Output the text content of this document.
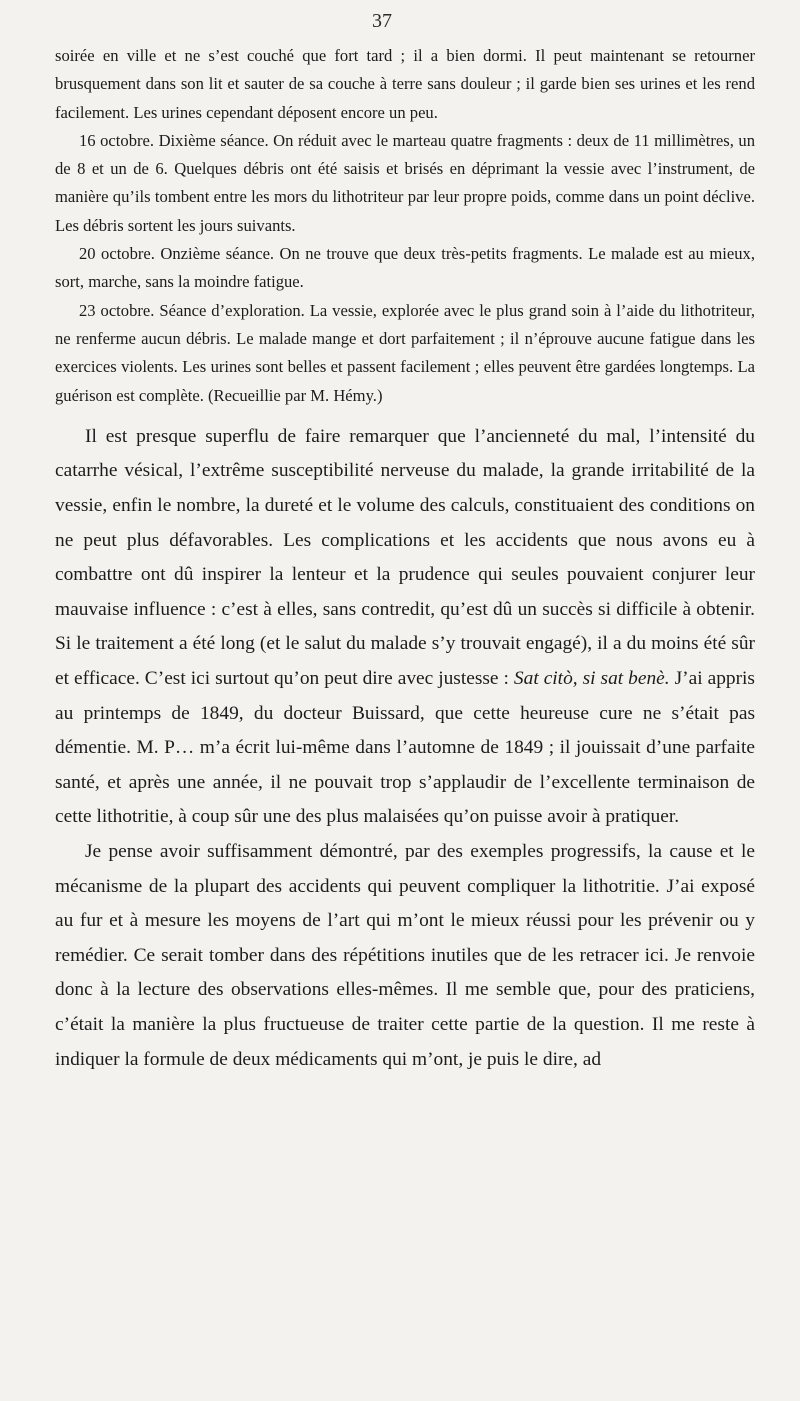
37

soirée en ville et ne s’est couché que fort tard ; il a bien dormi. Il peut maintenant se retourner brusquement dans son lit et sauter de sa couche à terre sans douleur ; il garde bien ses urines et les rend facilement. Les urines cependant déposent encore un peu.

16 octobre. Dixième séance. On réduit avec le marteau quatre fragments : deux de 11 millimètres, un de 8 et un de 6. Quelques débris ont été saisis et brisés en déprimant la vessie avec l’instrument, de manière qu’ils tombent entre les mors du lithotriteur par leur propre poids, comme dans un point déclive. Les débris sortent les jours suivants.

20 octobre. Onzième séance. On ne trouve que deux très-petits fragments. Le malade est au mieux, sort, marche, sans la moindre fatigue.

23 octobre. Séance d’exploration. La vessie, explorée avec le plus grand soin à l’aide du lithotriteur, ne renferme aucun débris. Le malade mange et dort parfaitement ; il n’éprouve aucune fatigue dans les exercices violents. Les urines sont belles et passent facilement ; elles peuvent être gardées longtemps. La guérison est complète. (Recueillie par M. Hémy.)

Il est presque superflu de faire remarquer que l’ancienneté du mal, l’intensité du catarrhe vésical, l’extrême susceptibilité nerveuse du malade, la grande irritabilité de la vessie, enfin le nombre, la dureté et le volume des calculs, constituaient des conditions on ne peut plus défavorables. Les complications et les accidents que nous avons eu à combattre ont dû inspirer la lenteur et la prudence qui seules pouvaient conjurer leur mauvaise influence : c’est à elles, sans contredit, qu’est dû un succès si difficile à obtenir. Si le traitement a été long (et le salut du malade s’y trouvait engagé), il a du moins été sûr et efficace. C’est ici surtout qu’on peut dire avec justesse : Sat citò, si sat benè. J’ai appris au printemps de 1849, du docteur Buissard, que cette heureuse cure ne s’était pas démentie. M. P… m’a écrit lui-même dans l’automne de 1849 ; il jouissait d’une parfaite santé, et après une année, il ne pouvait trop s’applaudir de l’excellente terminaison de cette lithotritie, à coup sûr une des plus malaisées qu’on puisse avoir à pratiquer.

Je pense avoir suffisamment démontré, par des exemples progressifs, la cause et le mécanisme de la plupart des accidents qui peuvent compliquer la lithotritie. J’ai exposé au fur et à mesure les moyens de l’art qui m’ont le mieux réussi pour les prévenir ou y remédier. Ce serait tomber dans des répétitions inutiles que de les retracer ici. Je renvoie donc à la lecture des observations elles-mêmes. Il me semble que, pour des praticiens, c’était la manière la plus fructueuse de traiter cette partie de la question. Il me reste à indiquer la formule de deux médicaments qui m’ont, je puis le dire, ad
